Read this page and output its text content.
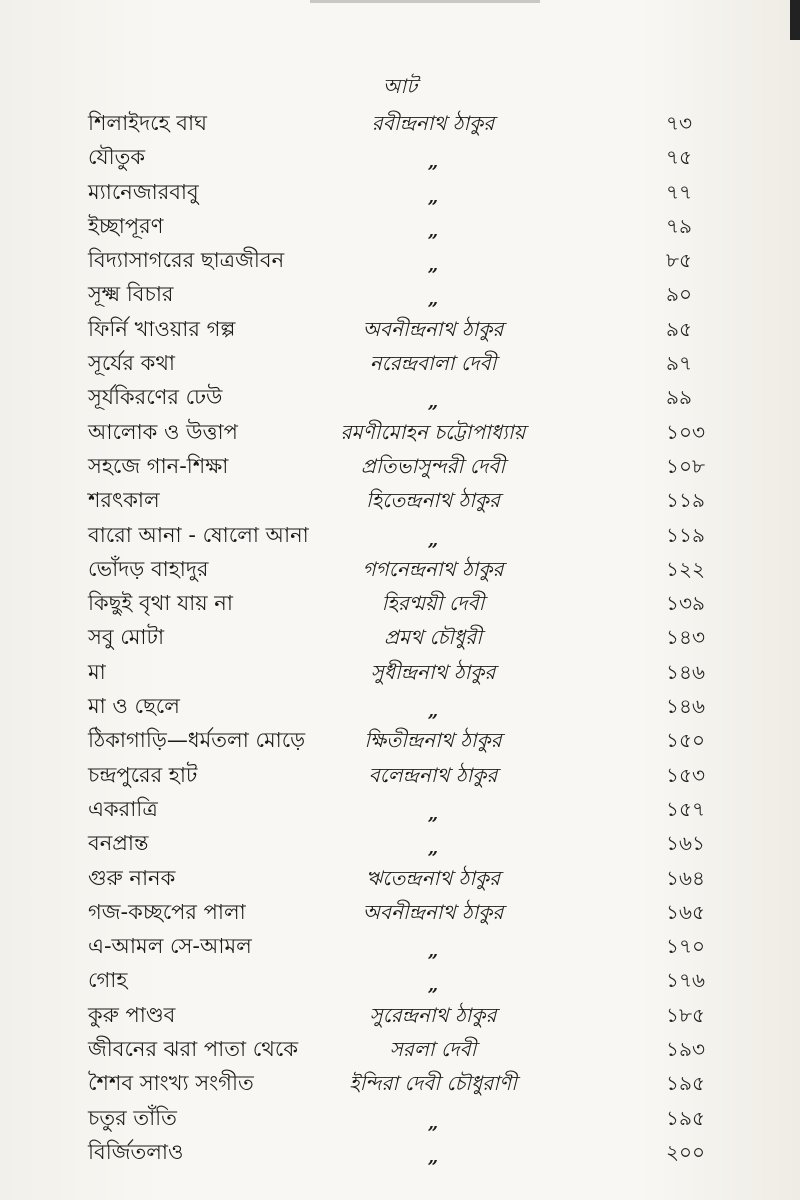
আট
শিলাইদহে বাঘ	রবীন্দ্রনাথ ঠাকুর	৭৩
যৌতুক	„	৭৫
ম্যানেজারবাবু	„	৭৭
ইচ্ছাপূরণ	„	৭৯
বিদ্যাসাগরের ছাত্রজীবন	„	৮৫
সূক্ষ্ম বিচার	„	৯০
ফির্নি খাওয়ার গল্প	অবনীন্দ্রনাথ ঠাকুর	৯৫
সূর্যের কথা	নরেন্দ্রবালা দেবী	৯৭
সূর্যকিরণের ঢেউ	„	৯৯
আলোক ও উত্তাপ	রমণীমোহন চট্টোপাধ্যায়	১০৩
সহজে গান-শিক্ষা	প্রতিভাসুন্দরী দেবী	১০৮
শরৎকাল	হিতেন্দ্রনাথ ঠাকুর	১১৯
বারো আনা - ষোলো আনা	„	১১৯
ভোঁদড় বাহাদুর	গগনেন্দ্রনাথ ঠাকুর	১২২
কিছুই বৃথা যায় না	হিরণ্ময়ী দেবী	১৩৯
সবু মোটা	প্রমথ চৌধুরী	১৪৩
মা	সুধীন্দ্রনাথ ঠাকুর	১৪৬
মা ও ছেলে	„	১৪৬
ঠিকাগাড়ি—ধর্মতলা মোড়ে	ক্ষিতীন্দ্রনাথ ঠাকুর	১৫০
চন্দ্রপুরের হাট	বলেন্দ্রনাথ ঠাকুর	১৫৩
একরাত্রি	„	১৫৭
বনপ্রান্ত	„	১৬১
গুরু নানক	ঋতেন্দ্রনাথ ঠাকুর	১৬৪
গজ-কচ্ছপের পালা	অবনীন্দ্রনাথ ঠাকুর	১৬৫
এ-আমল সে-আমল	„	১৭০
গোহ	„	১৭৬
কুরু পাণ্ডব	সুরেন্দ্রনাথ ঠাকুর	১৮৫
জীবনের ঝরা পাতা থেকে	সরলা দেবী	১৯৩
শৈশব সাংখ্য সংগীত	ইন্দিরা দেবী চৌধুরাণী	১৯৫
চতুর তাঁতি	„	১৯৫
বির্জিতলাও	„	২০০
